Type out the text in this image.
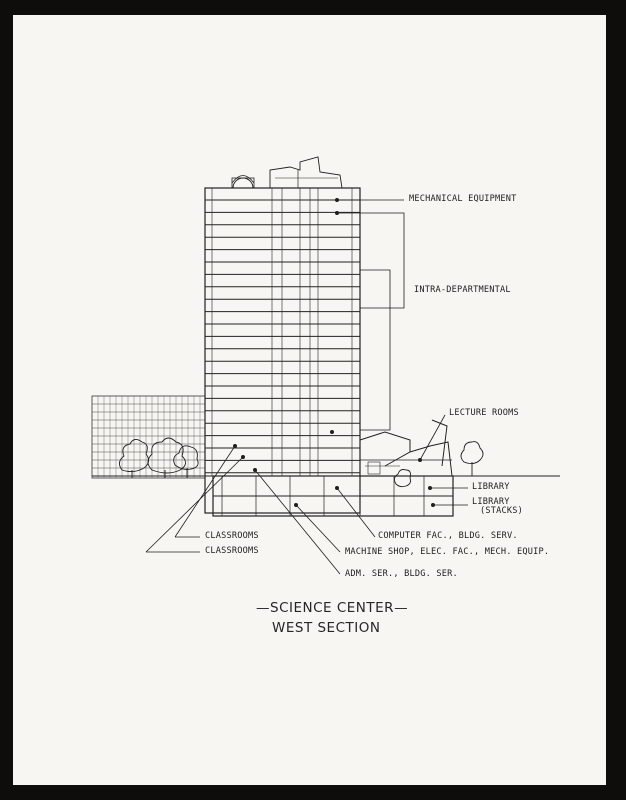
MECHANICAL EQUIPMENT
INTRA-DEPARTMENTAL
LECTURE ROOMS
LIBRARY
LIBRARY
(STACKS)
CLASSROOMS
CLASSROOMS
COMPUTER FAC., BLDG. SERV.
MACHINE SHOP, ELEC. FAC., MECH. EQUIP.
ADM. SER., BLDG. SER.
—SCIENCE CENTER—
WEST SECTION
